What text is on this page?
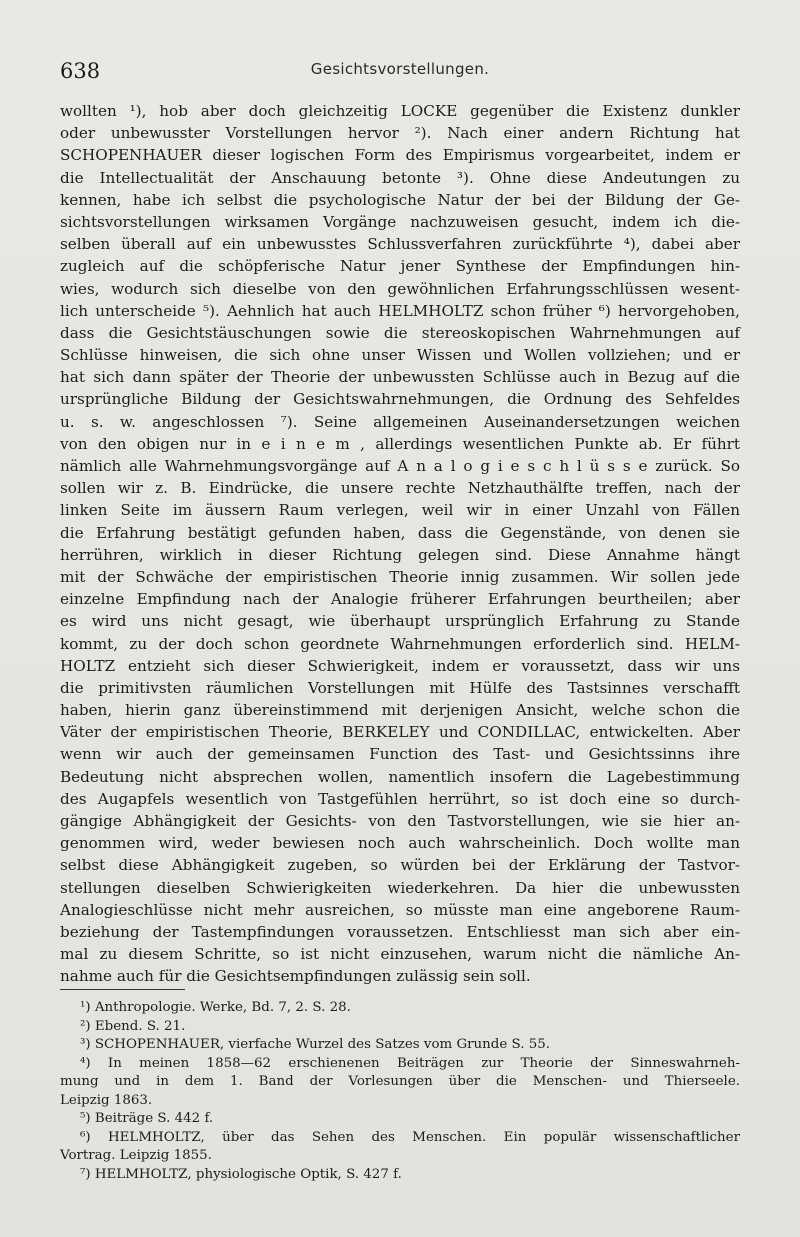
638	Gesichtsvorstellungen.
wollten ¹), hob aber doch gleichzeitig LOCKE gegenüber die Existenz dunkler
oder unbewusster Vorstellungen hervor ²). Nach einer andern Richtung hat
SCHOPENHAUER dieser logischen Form des Empirismus vorgearbeitet, indem er
die Intellectualität der Anschauung betonte ³). Ohne diese Andeutungen zu
kennen, habe ich selbst die psychologische Natur der bei der Bildung der Ge-
sichtsvorstellungen wirksamen Vorgänge nachzuweisen gesucht, indem ich die-
selben überall auf ein unbewusstes Schlussverfahren zurückführte ⁴), dabei aber
zugleich auf die schöpferische Natur jener Synthese der Empfindungen hin-
wies, wodurch sich dieselbe von den gewöhnlichen Erfahrungsschlüssen wesent-
lich unterscheide ⁵). Aehnlich hat auch HELMHOLTZ schon früher ⁶) hervorgehoben,
dass die Gesichtstäuschungen sowie die stereoskopischen Wahrnehmungen auf
Schlüsse hinweisen, die sich ohne unser Wissen und Wollen vollziehen; und er
hat sich dann später der Theorie der unbewussten Schlüsse auch in Bezug auf die
ursprüngliche Bildung der Gesichtswahrnehmungen, die Ordnung des Sehfeldes
u. s. w. angeschlossen ⁷). Seine allgemeinen Auseinandersetzungen weichen
von den obigen nur in e i n e m , allerdings wesentlichen Punkte ab. Er führt
nämlich alle Wahrnehmungsvorgänge auf A n a l o g i e s c h l ü s s e zurück. So
sollen wir z. B. Eindrücke, die unsere rechte Netzhauthälfte treffen, nach der
linken Seite im äussern Raum verlegen, weil wir in einer Unzahl von Fällen
die Erfahrung bestätigt gefunden haben, dass die Gegenstände, von denen sie
herrühren, wirklich in dieser Richtung gelegen sind. Diese Annahme hängt
mit der Schwäche der empiristischen Theorie innig zusammen. Wir sollen jede
einzelne Empfindung nach der Analogie früherer Erfahrungen beurtheilen; aber
es wird uns nicht gesagt, wie überhaupt ursprünglich Erfahrung zu Stande
kommt, zu der doch schon geordnete Wahrnehmungen erforderlich sind. HELM-
HOLTZ entzieht sich dieser Schwierigkeit, indem er voraussetzt, dass wir uns
die primitivsten räumlichen Vorstellungen mit Hülfe des Tastsinnes verschafft
haben, hierin ganz übereinstimmend mit derjenigen Ansicht, welche schon die
Väter der empiristischen Theorie, BERKELEY und CONDILLAC, entwickelten. Aber
wenn wir auch der gemeinsamen Function des Tast- und Gesichtssinns ihre
Bedeutung nicht absprechen wollen, namentlich insofern die Lagebestimmung
des Augapfels wesentlich von Tastgefühlen herrührt, so ist doch eine so durch-
gängige Abhängigkeit der Gesichts- von den Tastvorstellungen, wie sie hier an-
genommen wird, weder bewiesen noch auch wahrscheinlich. Doch wollte man
selbst diese Abhängigkeit zugeben, so würden bei der Erklärung der Tastvor-
stellungen dieselben Schwierigkeiten wiederkehren. Da hier die unbewussten
Analogieschlüsse nicht mehr ausreichen, so müsste man eine angeborene Raum-
beziehung der Tastempfindungen voraussetzen. Entschliesst man sich aber ein-
mal zu diesem Schritte, so ist nicht einzusehen, warum nicht die nämliche An-
nahme auch für die Gesichtsempfindungen zulässig sein soll.
¹) Anthropologie. Werke, Bd. 7, 2. S. 28.
²) Ebend. S. 21.
³) SCHOPENHAUER, vierfache Wurzel des Satzes vom Grunde S. 55.
⁴) In meinen 1858—62 erschienenen Beiträgen zur Theorie der Sinneswahrneh-
mung und in dem 1. Band der Vorlesungen über die Menschen- und Thierseele.
Leipzig 1863.
⁵) Beiträge S. 442 f.
⁶) HELMHOLTZ, über das Sehen des Menschen. Ein populär wissenschaftlicher
Vortrag. Leipzig 1855.
⁷) HELMHOLTZ, physiologische Optik, S. 427 f.
